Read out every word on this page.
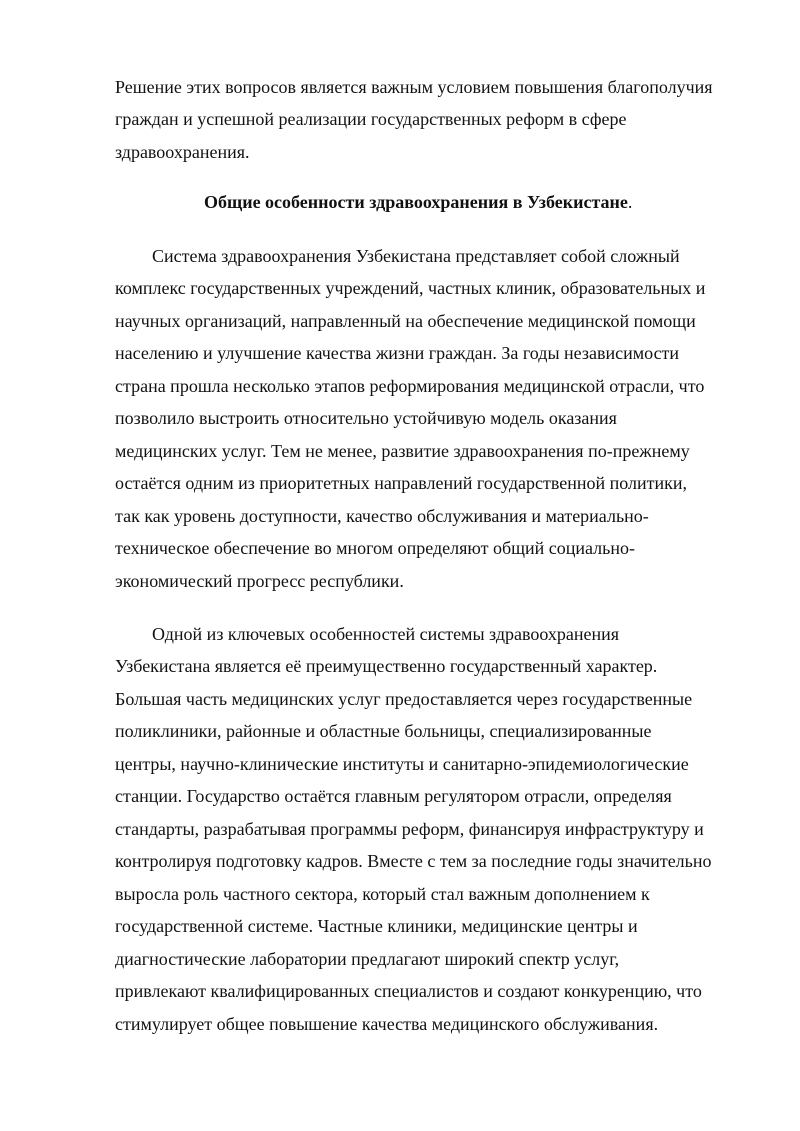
Решение этих вопросов является важным условием повышения благополучия
граждан и успешной реализации государственных реформ в сфере
здравоохранения.
Общие особенности здравоохранения в Узбекистане.
Система здравоохранения Узбекистана представляет собой сложный
комплекс государственных учреждений, частных клиник, образовательных и
научных организаций, направленный на обеспечение медицинской помощи
населению и улучшение качества жизни граждан. За годы независимости
страна прошла несколько этапов реформирования медицинской отрасли, что
позволило выстроить относительно устойчивую модель оказания
медицинских услуг. Тем не менее, развитие здравоохранения по-прежнему
остаётся одним из приоритетных направлений государственной политики,
так как уровень доступности, качество обслуживания и материально-
техническое обеспечение во многом определяют общий социально-
экономический прогресс республики.
Одной из ключевых особенностей системы здравоохранения
Узбекистана является её преимущественно государственный характер.
Большая часть медицинских услуг предоставляется через государственные
поликлиники, районные и областные больницы, специализированные
центры, научно-клинические институты и санитарно-эпидемиологические
станции. Государство остаётся главным регулятором отрасли, определяя
стандарты, разрабатывая программы реформ, финансируя инфраструктуру и
контролируя подготовку кадров. Вместе с тем за последние годы значительно
выросла роль частного сектора, который стал важным дополнением к
государственной системе. Частные клиники, медицинские центры и
диагностические лаборатории предлагают широкий спектр услуг,
привлекают квалифицированных специалистов и создают конкуренцию, что
стимулирует общее повышение качества медицинского обслуживания.
